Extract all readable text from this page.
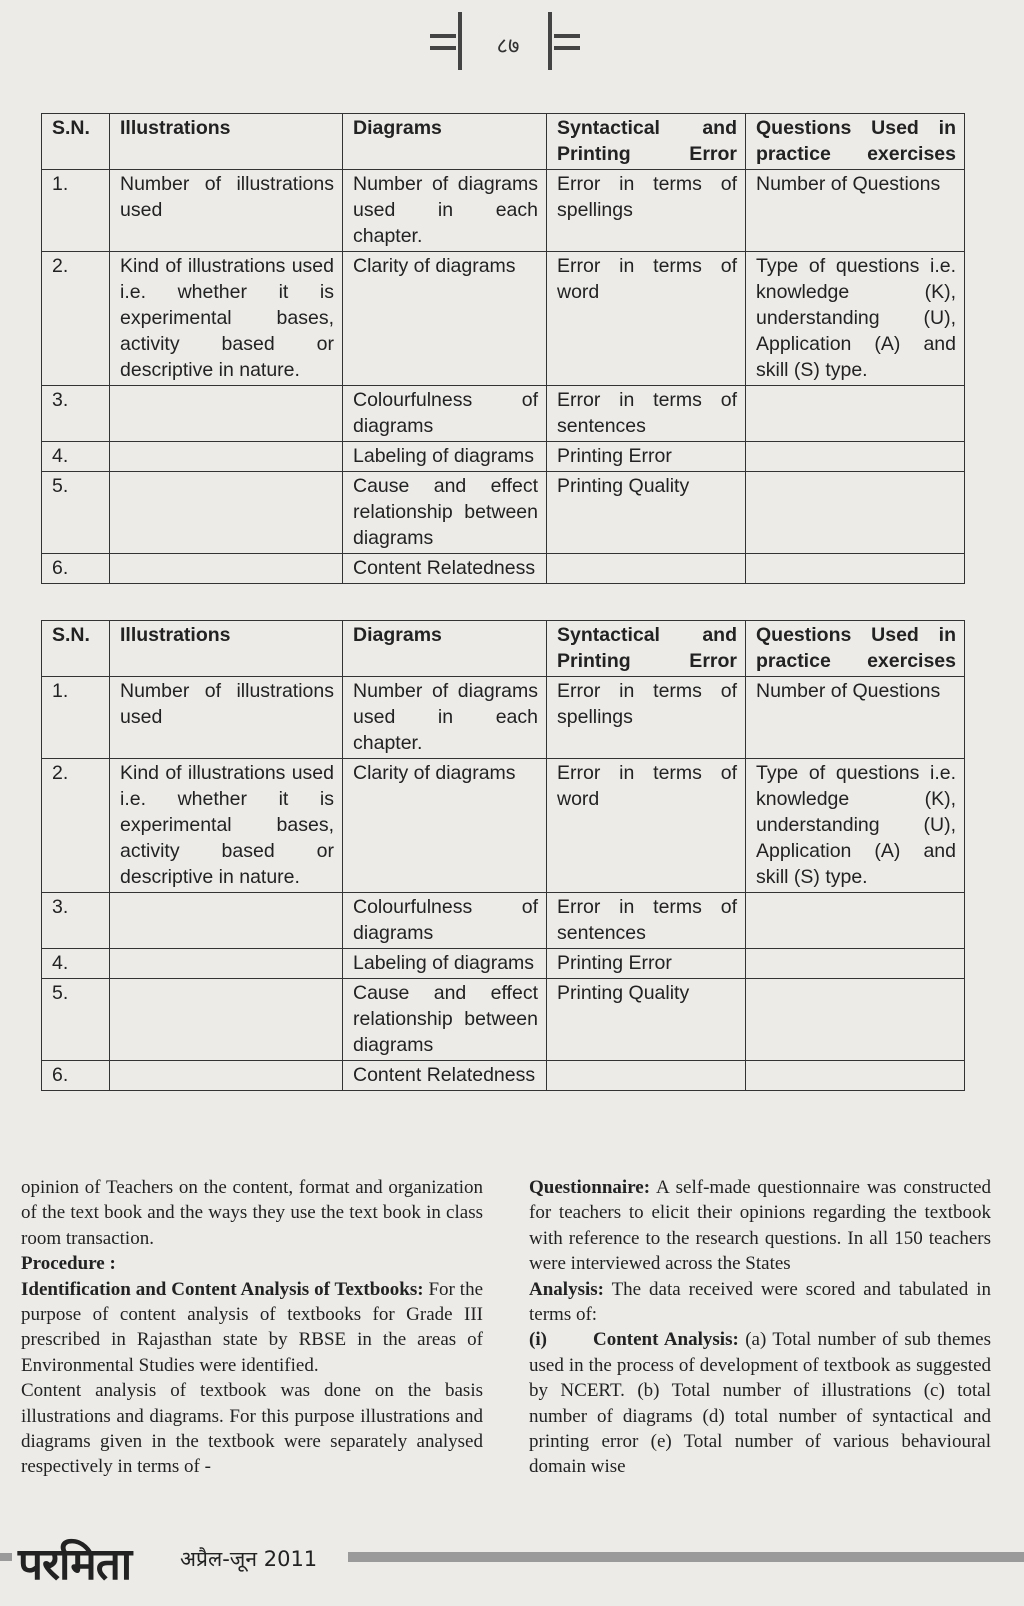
८७
S.N.	Illustrations	Diagrams	Syntactical and Printing Error	Questions Used in practice exercises
1.	Number of illustrations used	Number of diagrams used in each chapter.	Error in terms of spellings	Number of Questions
2.	Kind of illustrations used i.e. whether it is experimental bases, activity based or descriptive in nature.	Clarity of diagrams	Error in terms of word	Type of questions i.e. knowledge (K), understanding (U), Application (A) and skill (S) type.
3.		Colourfulness of diagrams	Error in terms of sentences	
4.		Labeling of diagrams	Printing Error	
5.		Cause and effect relationship between diagrams	Printing Quality	
6.		Content Relatedness		
S.N.	Illustrations	Diagrams	Syntactical and Printing Error	Questions Used in practice exercises
1.	Number of illustrations used	Number of diagrams used in each chapter.	Error in terms of spellings	Number of Questions
2.	Kind of illustrations used i.e. whether it is experimental bases, activity based or descriptive in nature.	Clarity of diagrams	Error in terms of word	Type of questions i.e. knowledge (K), understanding (U), Application (A) and skill (S) type.
3.		Colourfulness of diagrams	Error in terms of sentences	
4.		Labeling of diagrams	Printing Error	
5.		Cause and effect relationship between diagrams	Printing Quality	
6.		Content Relatedness		

opinion of Teachers on the content, format and organization of the text book and the ways they use the text book in class room transaction.

Procedure :

Identification and Content Analysis of Textbooks: For the purpose of content analysis of textbooks for Grade III prescribed in Rajasthan state by RBSE in the areas of Environmental Studies were identified.

Content analysis of textbook was done on the basis illustrations and diagrams. For this purpose illustrations and diagrams given in the textbook were separately analysed respectively in terms of -

Questionnaire: A self-made questionnaire was constructed for teachers to elicit their opinions regarding the textbook with reference to the research questions. In all 150 teachers were interviewed across the States

Analysis: The data received were scored and tabulated in terms of:

(i) Content Analysis: (a) Total number of sub themes used in the process of development of textbook as suggested by NCERT. (b) Total number of illustrations (c) total number of diagrams (d) total number of syntactical and printing error (e) Total number of various behavioural domain wise

परमिता अप्रैल-जून 2011
